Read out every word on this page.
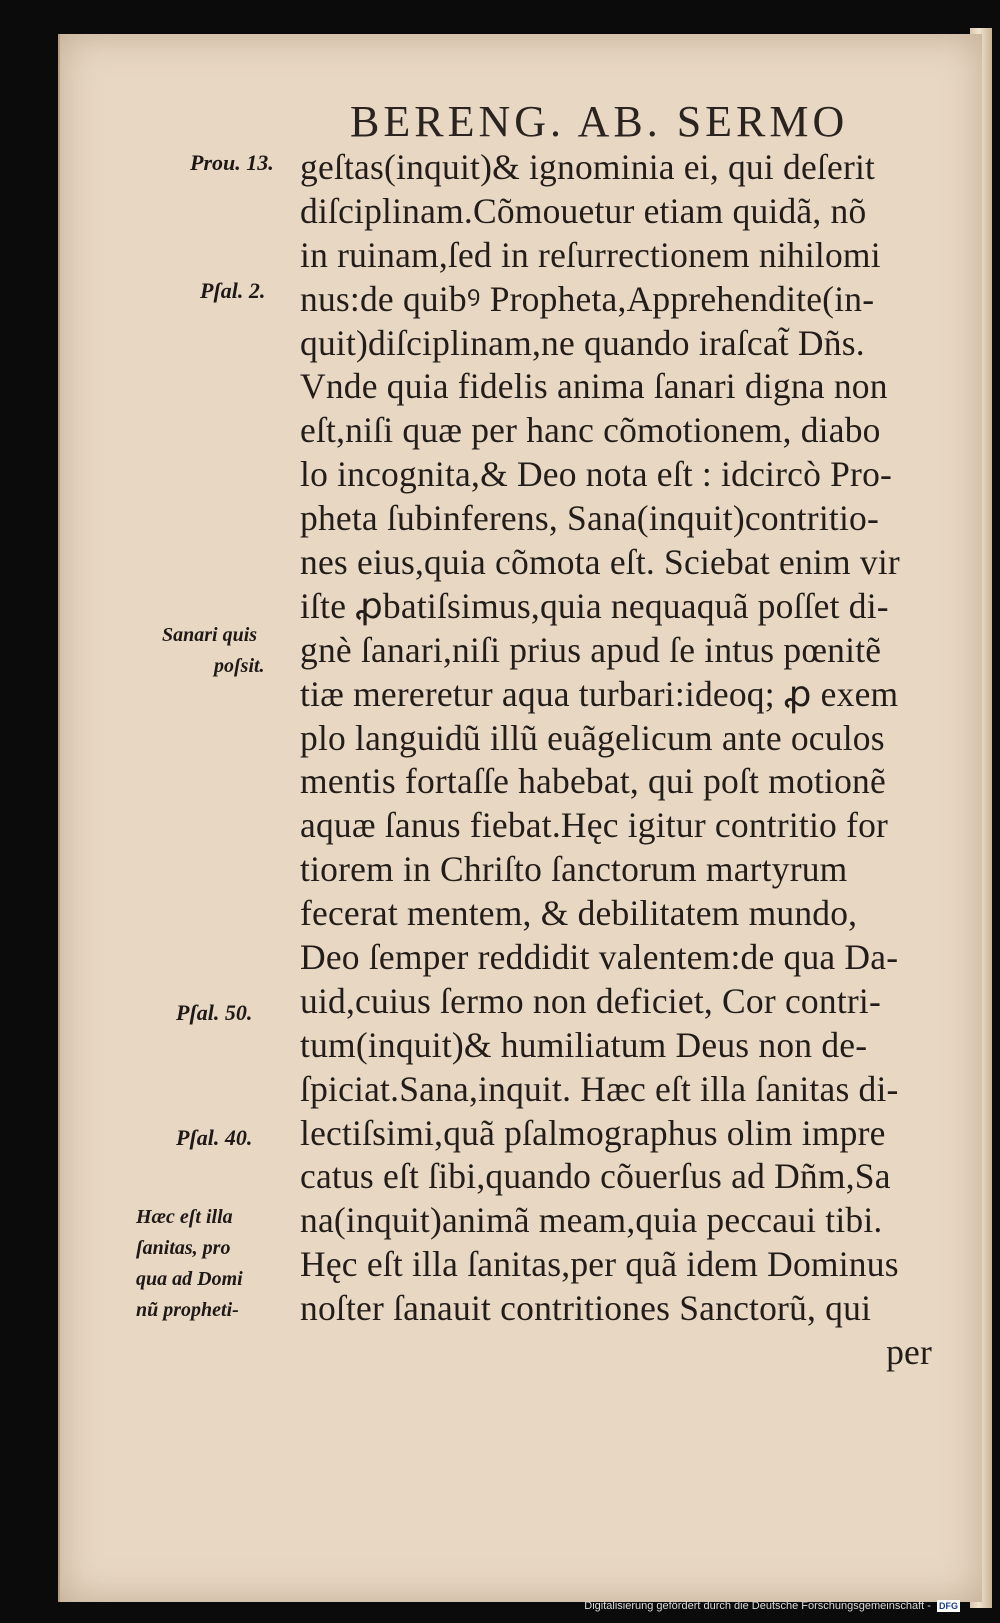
BERENG. AB. SERMO
geſtas(inquit)& ignominia ei, qui deſerit
diſciplinam.Cõmouetur etiam quidã, nõ
in ruinam,ſed in reſurrectionem nihilomi
nus:de quibꝰ Propheta,Apprehendite(in-
quit)diſciplinam,ne quando iraſcat̃ Dñs.
Vnde quia fidelis anima ſanari digna non
eſt,niſi quæ per hanc cõmotionem, diabo
lo incognita,& Deo nota eſt : idcircò Pro-
pheta ſubinferens, Sana(inquit)contritio-
nes eius,quia cõmota eſt. Sciebat enim vir
iſte ꝓbatiſsimus,quia nequaquã poſſet di-
gnè ſanari,niſi prius apud ſe intus pœnitẽ
tiæ mereretur aqua turbari:ideoq; ꝓ exem
plo languidũ illũ euãgelicum ante oculos
mentis fortaſſe habebat, qui poſt motionẽ
aquæ ſanus fiebat.Hęc igitur contritio for
tiorem in Chriſto ſanctorum martyrum
fecerat mentem, & debilitatem mundo,
Deo ſemper reddidit valentem:de qua Da-
uid,cuius ſermo non deficiet, Cor contri-
tum(inquit)& humiliatum Deus non de-
ſpiciat.Sana,inquit. Hæc eſt illa ſanitas di-
lectiſsimi,quã pſalmographus olim impre
catus eſt ſibi,quando cõuerſus ad Dñm,Sa
na(inquit)animã meam,quia peccaui tibi.
Hęc eſt illa ſanitas,per quã idem Dominus
noſter ſanauit contritiones Sanctorũ, qui
per
Prou. 13.
Pſal. 2.
Sanari quis
poſsit.
Pſal. 50.
Pſal. 40.
Hæc eſt illa
ſanitas, pro
qua ad Domi
nũ propheti-
Digitalisierung gefördert durch die Deutsche Forschungsgemeinschaft - DFG
